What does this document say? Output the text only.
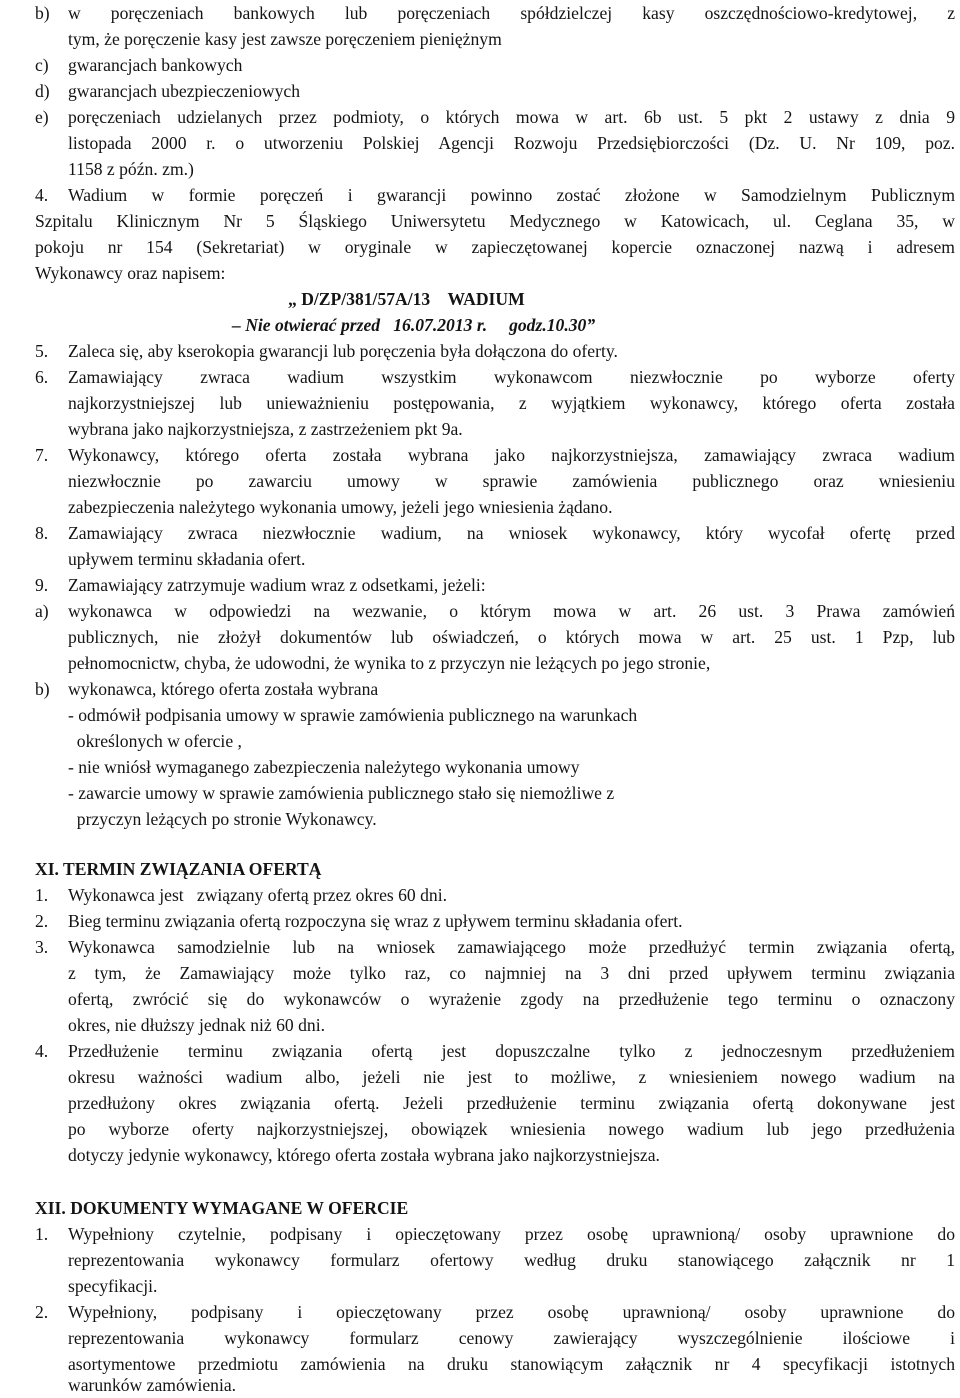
b) w poręczeniach bankowych lub poręczeniach spółdzielczej kasy oszczędnościowo-kredytowej, z
tym, że poręczenie kasy jest zawsze poręczeniem pieniężnym
c) gwarancjach bankowych
d) gwarancjach ubezpieczeniowych
e) poręczeniach udzielanych przez podmioty, o których mowa w art. 6b ust. 5 pkt 2 ustawy z dnia 9
listopada 2000 r. o utworzeniu Polskiej Agencji Rozwoju Przedsiębiorczości (Dz. U. Nr 109, poz.
1158 z późn. zm.)
4. Wadium w formie poręczeń i gwarancji powinno zostać złożone w Samodzielnym Publicznym
Szpitalu Klinicznym Nr 5 Śląskiego Uniwersytetu Medycznego w Katowicach, ul. Ceglana 35, w
pokoju nr 154 (Sekretariat) w oryginale w zapieczętowanej kopercie oznaczonej nazwą i adresem
Wykonawcy oraz napisem:
„ D/ZP/381/57A/13    WADIUM
– Nie otwierać przed   16.07.2013 r.     godz.10.30”
5. Zaleca się, aby kserokopia gwarancji lub poręczenia była dołączona do oferty.
6. Zamawiający zwraca wadium wszystkim wykonawcom niezwłocznie po wyborze oferty
najkorzystniejszej lub unieważnieniu postępowania, z wyjątkiem wykonawcy, którego oferta została
wybrana jako najkorzystniejsza, z zastrzeżeniem pkt 9a.
7. Wykonawcy, którego oferta została wybrana jako najkorzystniejsza, zamawiający zwraca wadium
niezwłocznie po zawarciu umowy w sprawie zamówienia publicznego oraz wniesieniu
zabezpieczenia należytego wykonania umowy, jeżeli jego wniesienia żądano.
8. Zamawiający zwraca niezwłocznie wadium, na wniosek wykonawcy, który wycofał ofertę przed
upływem terminu składania ofert.
9. Zamawiający zatrzymuje wadium wraz z odsetkami, jeżeli:
a) wykonawca w odpowiedzi na wezwanie, o którym mowa w art. 26 ust. 3 Prawa zamówień
publicznych, nie złożył dokumentów lub oświadczeń, o których mowa w art. 25 ust. 1 Pzp, lub
pełnomocnictw, chyba, że udowodni, że wynika to z przyczyn nie leżących po jego stronie,
b) wykonawca, którego oferta została wybrana
- odmówił podpisania umowy w sprawie zamówienia publicznego na warunkach
określonych w ofercie ,
- nie wniósł wymaganego zabezpieczenia należytego wykonania umowy
- zawarcie umowy w sprawie zamówienia publicznego stało się niemożliwe z
przyczyn leżących po stronie Wykonawcy.
XI. TERMIN ZWIĄZANIA OFERTĄ
1. Wykonawca jest   związany ofertą przez okres 60 dni.
2. Bieg terminu związania ofertą rozpoczyna się wraz z upływem terminu składania ofert.
3. Wykonawca samodzielnie lub na wniosek zamawiającego może przedłużyć termin związania ofertą,
z tym, że Zamawiający może tylko raz, co najmniej na 3 dni przed upływem terminu związania
ofertą, zwrócić się do wykonawców o wyrażenie zgody na przedłużenie tego terminu o oznaczony
okres, nie dłuższy jednak niż 60 dni.
4. Przedłużenie terminu związania ofertą jest dopuszczalne tylko z jednoczesnym przedłużeniem
okresu ważności wadium albo, jeżeli nie jest to możliwe, z wniesieniem nowego wadium na
przedłużony okres związania ofertą. Jeżeli przedłużenie terminu związania ofertą dokonywane jest
po wyborze oferty najkorzystniejszej, obowiązek wniesienia nowego wadium lub jego przedłużenia
dotyczy jedynie wykonawcy, którego oferta została wybrana jako najkorzystniejsza.
XII. DOKUMENTY WYMAGANE W OFERCIE
1. Wypełniony czytelnie, podpisany i opieczętowany przez osobę uprawnioną/ osoby uprawnione do
reprezentowania wykonawcy formularz ofertowy według druku stanowiącego załącznik nr 1
specyfikacji.
2. Wypełniony, podpisany i opieczętowany przez osobę uprawnioną/ osoby uprawnione do
reprezentowania wykonawcy formularz cenowy zawierający wyszczególnienie ilościowe i
asortymentowe przedmiotu zamówienia na druku stanowiącym załącznik nr 4 specyfikacji istotnych
warunków zamówienia.
